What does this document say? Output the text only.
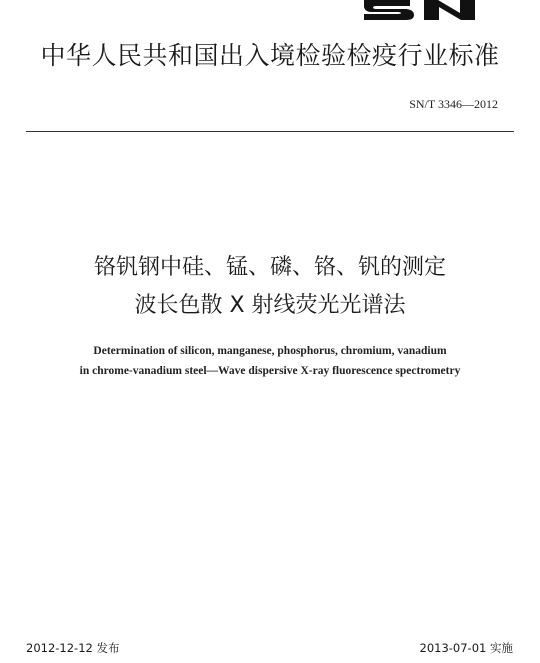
中华人民共和国出入境检验检疫行业标准
SN/T 3346—2012
铬钒钢中硅、锰、磷、铬、钒的测定
波长色散 X 射线荧光光谱法
Determination of silicon, manganese, phosphorus, chromium, vanadium
in chrome-vanadium steel—Wave dispersive X-ray fluorescence spectrometry
2012-12-12 发布	2013-07-01 实施
